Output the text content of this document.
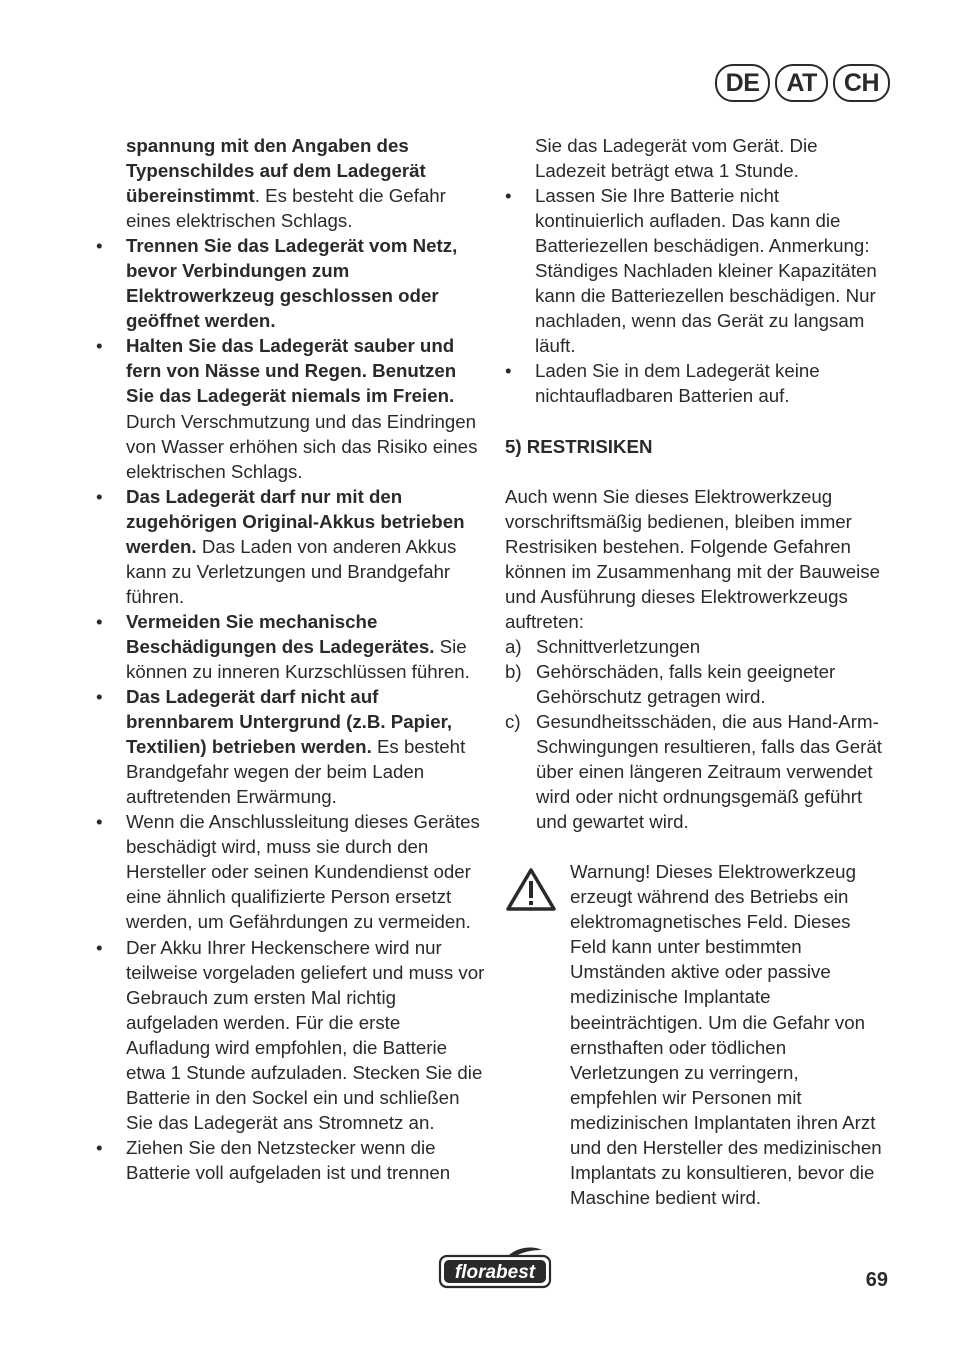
DE	AT	CH

spannung mit den Angaben des Typenschildes auf dem Ladegerät übereinstimmt. Es besteht die Gefahr eines elektrischen Schlags.

• Trennen Sie das Ladegerät vom Netz, bevor Verbindungen zum Elektrowerkzeug geschlossen oder geöffnet werden.

• Halten Sie das Ladegerät sauber und fern von Nässe und Regen. Benutzen Sie das Ladegerät niemals im Freien. Durch Verschmutzung und das Eindringen von Wasser erhöhen sich das Risiko eines elektrischen Schlags.

• Das Ladegerät darf nur mit den zugehörigen Original-Akkus betrieben werden. Das Laden von anderen Akkus kann zu Verletzungen und Brandgefahr führen.

• Vermeiden Sie mechanische Beschädigungen des Ladegerätes. Sie können zu inneren Kurzschlüssen führen.

• Das Ladegerät darf nicht auf brennbarem Untergrund (z.B. Papier, Textilien) betrieben werden. Es besteht Brandgefahr wegen der beim Laden auftretenden Erwärmung.

• Wenn die Anschlussleitung dieses Gerätes beschädigt wird, muss sie durch den Hersteller oder seinen Kundendienst oder eine ähnlich qualifizierte Person ersetzt werden, um Gefährdungen zu vermeiden.

• Der Akku Ihrer Heckenschere wird nur teilweise vorgeladen geliefert und muss vor Gebrauch zum ersten Mal richtig aufgeladen werden. Für die erste Aufladung wird empfohlen, die Batterie etwa 1 Stunde aufzuladen. Stecken Sie die Batterie in den Sockel ein und schließen Sie das Ladegerät ans Stromnetz an.

• Ziehen Sie den Netzstecker wenn die Batterie voll aufgeladen ist und trennen

Sie das Ladegerät vom Gerät. Die Ladezeit beträgt etwa 1 Stunde.

• Lassen Sie Ihre Batterie nicht kontinuierlich aufladen. Das kann die Batteriezellen beschädigen. Anmerkung: Ständiges Nachladen kleiner Kapazitäten kann die Batteriezellen beschädigen. Nur nachladen, wenn das Gerät zu langsam läuft.

• Laden Sie in dem Ladegerät keine nichtaufladbaren Batterien auf.

5) RESTRISIKEN

Auch wenn Sie dieses Elektrowerkzeug vorschriftsmäßig bedienen, bleiben immer Restrisiken bestehen. Folgende Gefahren können im Zusammenhang mit der Bauweise und Ausführung dieses Elektrowerkzeugs auftreten:

a) Schnittverletzungen

b) Gehörschäden, falls kein geeigneter Gehörschutz getragen wird.

c) Gesundheitsschäden, die aus Hand-Arm-Schwingungen resultieren, falls das Gerät über einen längeren Zeitraum verwendet wird oder nicht ordnungsgemäß geführt und gewartet wird.

Warnung! Dieses Elektrowerkzeug erzeugt während des Betriebs ein elektromagnetisches Feld. Dieses Feld kann unter bestimmten Umständen aktive oder passive medizinische Implantate beeinträchtigen. Um die Gefahr von ernsthaften oder tödlichen Verletzungen zu verringern, empfehlen wir Personen mit medizinischen Implantaten ihren Arzt und den Hersteller des medizinischen Implantats zu konsultieren, bevor die Maschine bedient wird.

florabest	69
